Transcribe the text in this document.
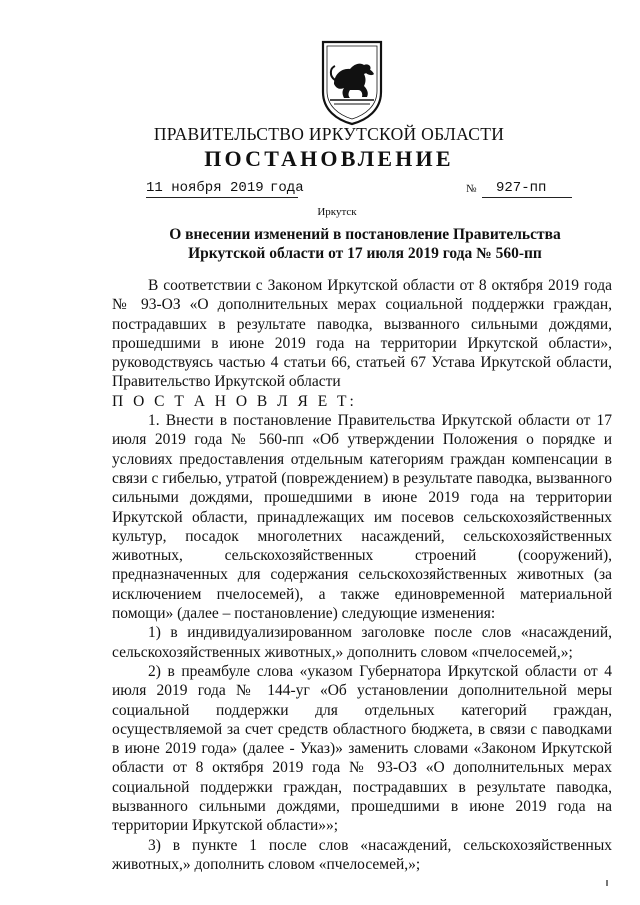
ПРАВИТЕЛЬСТВО ИРКУТСКОЙ ОБЛАСТИ
ПОСТАНОВЛЕНИЕ
11 ноября 2019 года	№	927-пп
Иркутск
О внесении изменений в постановление Правительства
Иркутской области от 17 июля 2019 года № 560-пп

В соответствии с Законом Иркутской области от 8 октября 2019 года № 93-ОЗ «О дополнительных мерах социальной поддержки граждан, пострадавших в результате паводка, вызванного сильными дождями, прошедшими в июне 2019 года на территории Иркутской области», руководствуясь частью 4 статьи 66, статьей 67 Устава Иркутской области, Правительство Иркутской области

П О С Т А Н О В Л Я Е Т:

1. Внести в постановление Правительства Иркутской области от 17 июля 2019 года № 560-пп «Об утверждении Положения о порядке и условиях предоставления отдельным категориям граждан компенсации в связи с гибелью, утратой (повреждением) в результате паводка, вызванного сильными дождями, прошедшими в июне 2019 года на территории Иркутской области, принадлежащих им посевов сельскохозяйственных культур, посадок многолетних насаждений, сельскохозяйственных животных, сельскохозяйственных строений (сооружений), предназначенных для содержания сельскохозяйственных животных (за исключением пчелосемей), а также единовременной материальной помощи» (далее – постановление) следующие изменения:

1) в индивидуализированном заголовке после слов «насаждений, сельскохозяйственных животных,» дополнить словом «пчелосемей,»;

2) в преамбуле слова «указом Губернатора Иркутской области от 4 июля 2019 года № 144-уг «Об установлении дополнительной меры социальной поддержки для отдельных категорий граждан, осуществляемой за счет средств областного бюджета, в связи с паводками в июне 2019 года» (далее - Указ)» заменить словами «Законом Иркутской области от 8 октября 2019 года № 93-ОЗ «О дополнительных мерах социальной поддержки граждан, пострадавших в результате паводка, вызванного сильными дождями, прошедшими в июне 2019 года на территории Иркутской области»»;

3) в пункте 1 после слов «насаждений, сельскохозяйственных животных,» дополнить словом «пчелосемей,»;
